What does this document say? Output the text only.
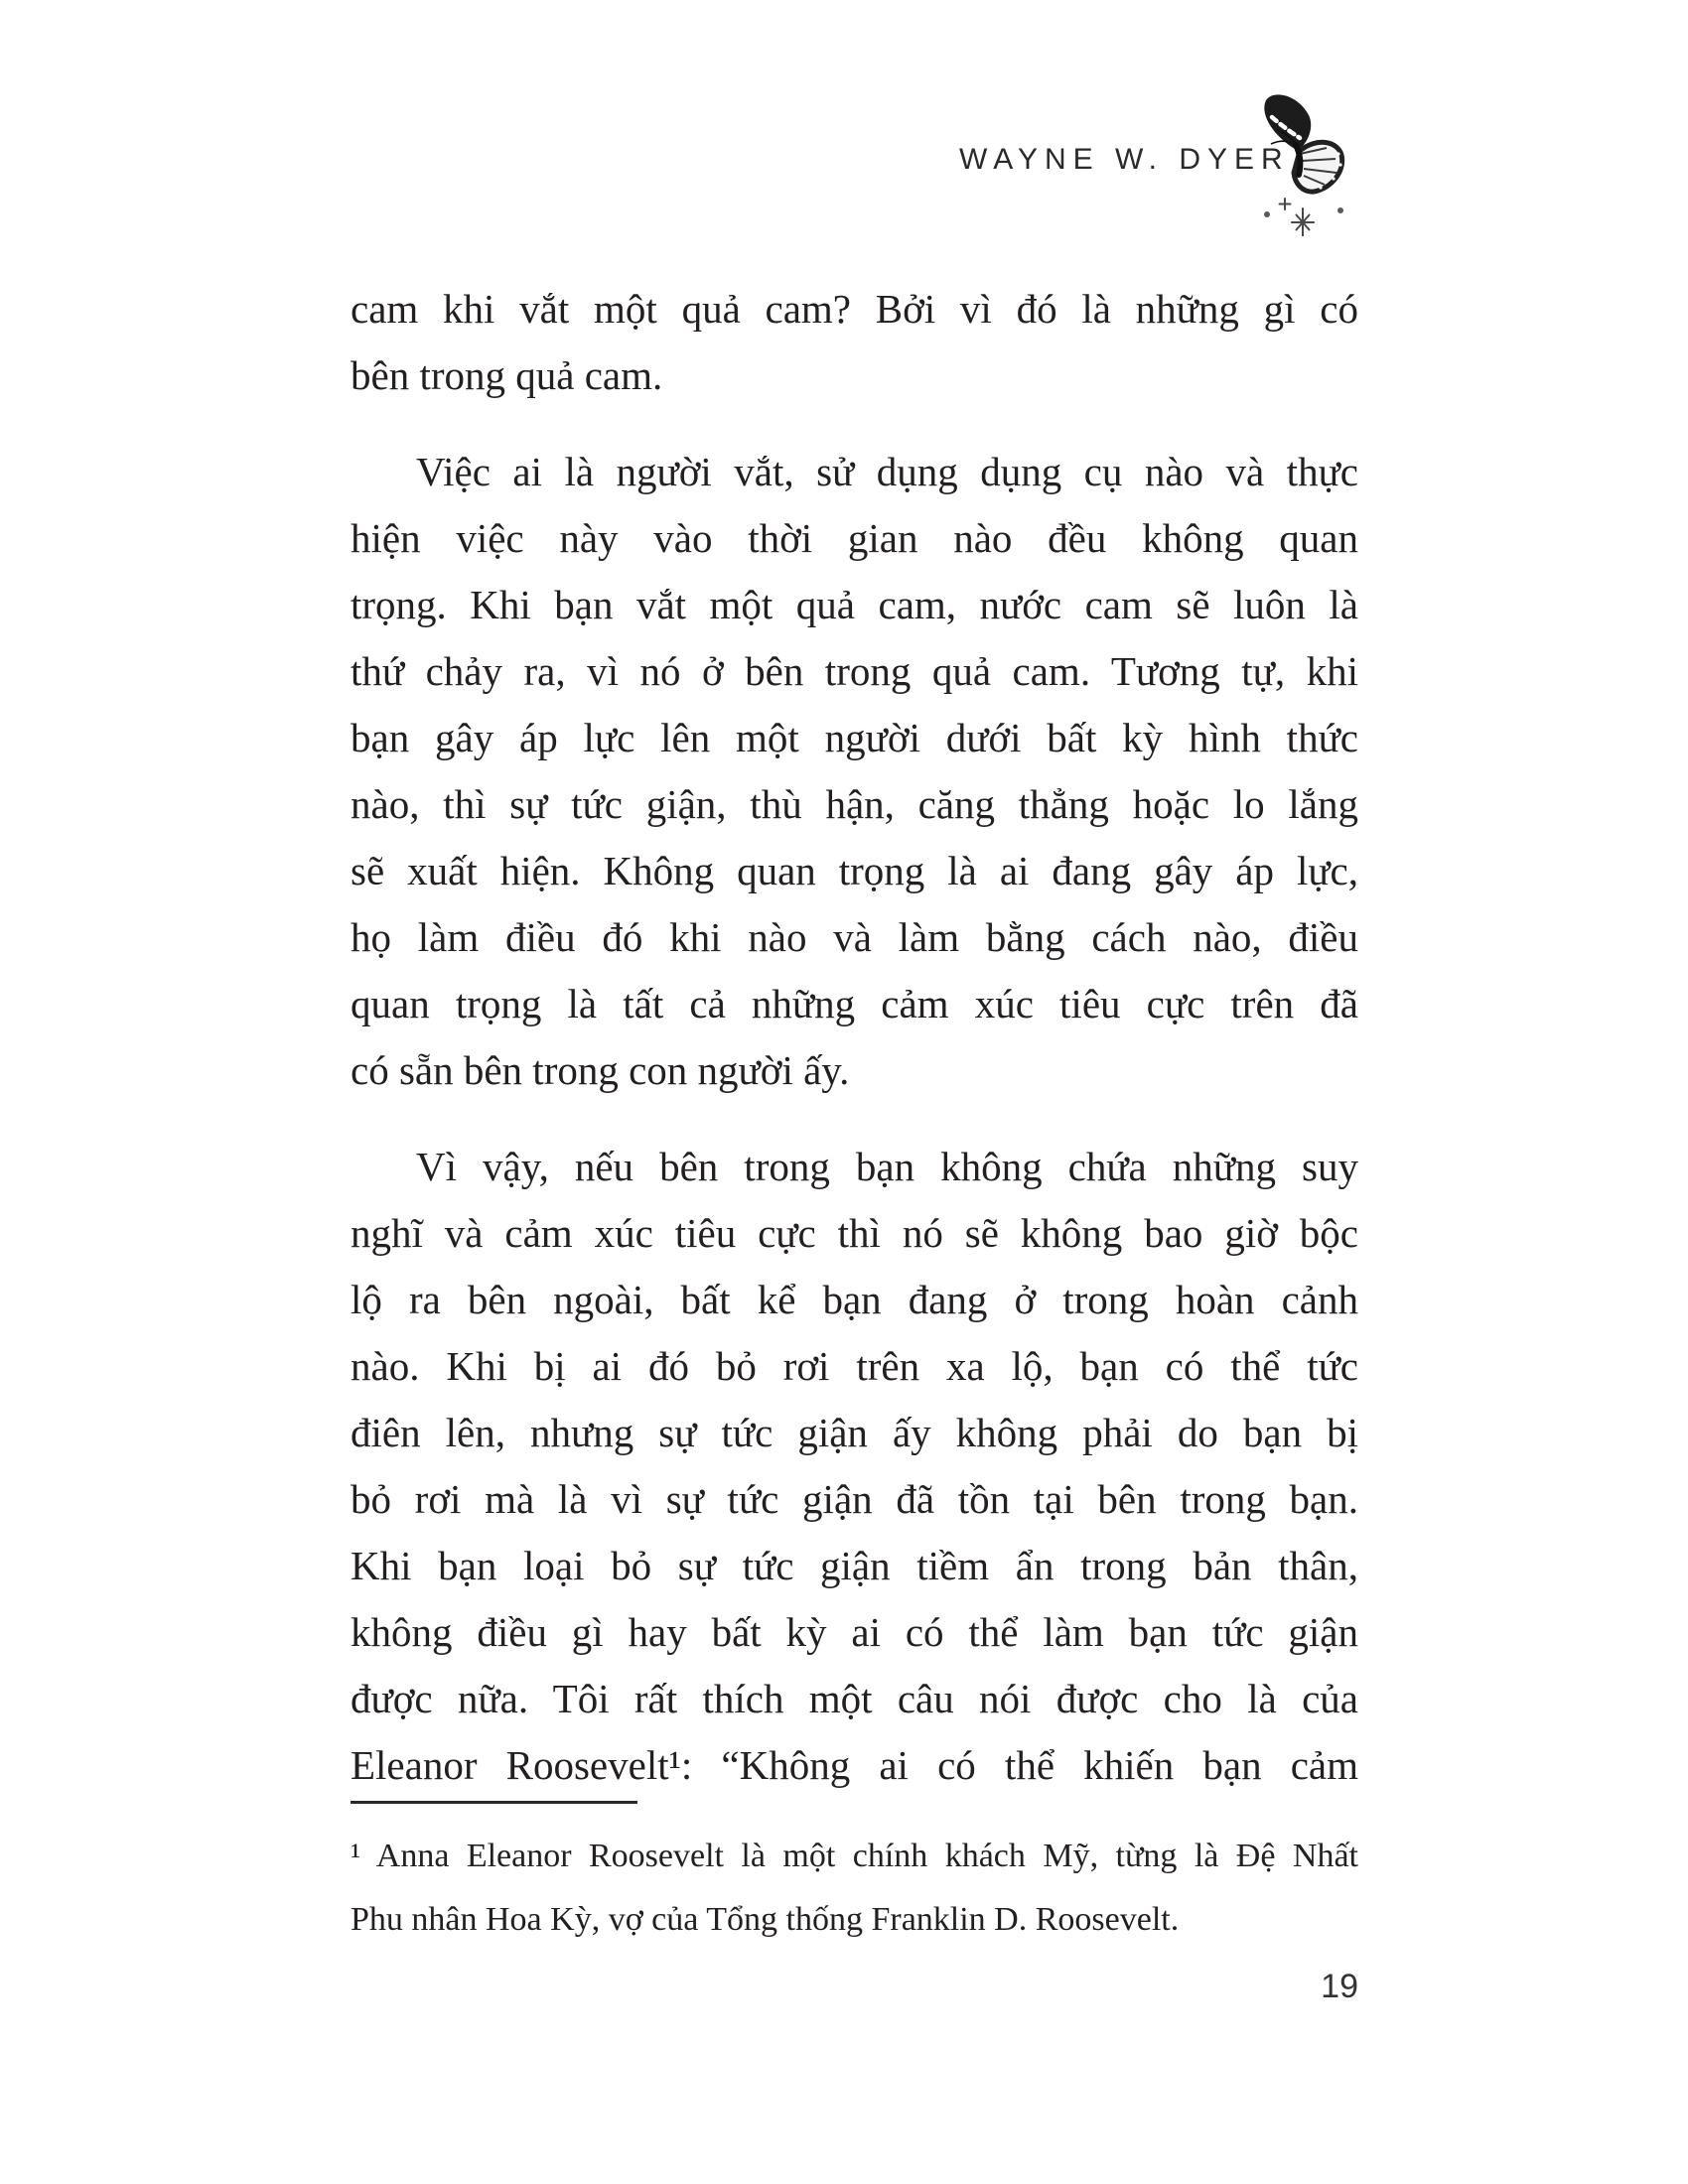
WAYNE W. DYER
cam khi vắt một quả cam? Bởi vì đó là những gì có
bên trong quả cam.
Việc ai là người vắt, sử dụng dụng cụ nào và thực
hiện việc này vào thời gian nào đều không quan
trọng. Khi bạn vắt một quả cam, nước cam sẽ luôn là
thứ chảy ra, vì nó ở bên trong quả cam. Tương tự, khi
bạn gây áp lực lên một người dưới bất kỳ hình thức
nào, thì sự tức giận, thù hận, căng thẳng hoặc lo lắng
sẽ xuất hiện. Không quan trọng là ai đang gây áp lực,
họ làm điều đó khi nào và làm bằng cách nào, điều
quan trọng là tất cả những cảm xúc tiêu cực trên đã
có sẵn bên trong con người ấy.
Vì vậy, nếu bên trong bạn không chứa những suy
nghĩ và cảm xúc tiêu cực thì nó sẽ không bao giờ bộc
lộ ra bên ngoài, bất kể bạn đang ở trong hoàn cảnh
nào. Khi bị ai đó bỏ rơi trên xa lộ, bạn có thể tức
điên lên, nhưng sự tức giận ấy không phải do bạn bị
bỏ rơi mà là vì sự tức giận đã tồn tại bên trong bạn.
Khi bạn loại bỏ sự tức giận tiềm ẩn trong bản thân,
không điều gì hay bất kỳ ai có thể làm bạn tức giận
được nữa. Tôi rất thích một câu nói được cho là của
Eleanor Roosevelt¹: “Không ai có thể khiến bạn cảm
¹ Anna Eleanor Roosevelt là một chính khách Mỹ, từng là Đệ Nhất
Phu nhân Hoa Kỳ, vợ của Tổng thống Franklin D. Roosevelt.
19
